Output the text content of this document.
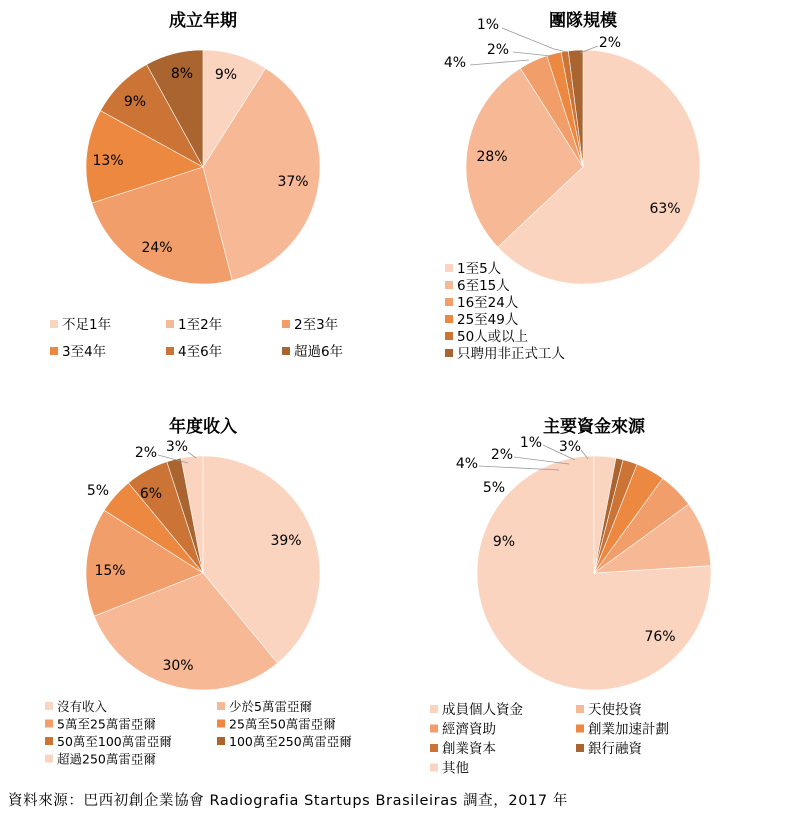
成立年期
9%
37%
24%
13%
9%
8%
不足1年	1至2年	2至3年
3至4年	4至6年	超過6年
團隊規模
63%
28%
4%
2%
1%
2%
1至5人
6至15人
16至24人
25至49人
50人或以上
只聘用非正式工人
年度收入
39%
30%
15%
5% 6%
2% 3%
沒有收入	少於5萬雷亞爾
5萬至25萬雷亞爾	25萬至50萬雷亞爾
50萬至100萬雷亞爾	100萬至250萬雷亞爾
超過250萬雷亞爾
主要資金來源
76%
9%
5%
4%
2%
1% 3%
成員個人資金	天使投資
經濟資助	創業加速計劃
創業資本	銀行融資
其他
資料來源：巴西初創企業協會 Radiografia Startups Brasileiras 調查，2017 年
